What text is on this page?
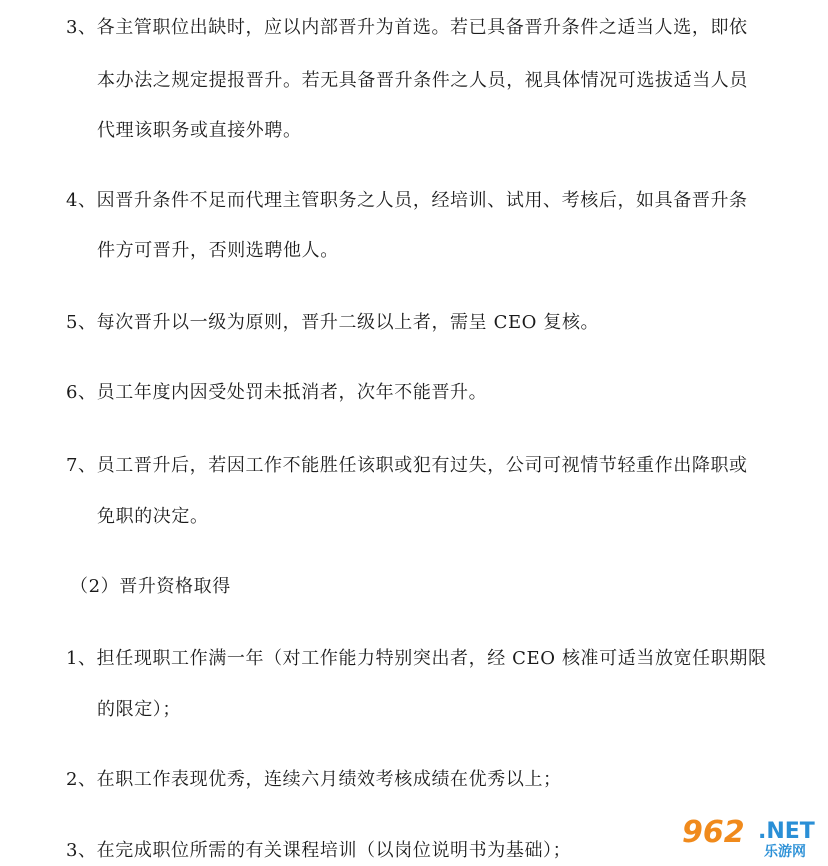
3、各主管职位出缺时，应以内部晋升为首选。若已具备晋升条件之适当人选，即依
本办法之规定提报晋升。若无具备晋升条件之人员，视具体情况可选拔适当人员
代理该职务或直接外聘。
4、因晋升条件不足而代理主管职务之人员，经培训、试用、考核后，如具备晋升条
件方可晋升，否则选聘他人。
5、每次晋升以一级为原则，晋升二级以上者，需呈 CEO 复核。
6、员工年度内因受处罚未抵消者，次年不能晋升。
7、员工晋升后，若因工作不能胜任该职或犯有过失，公司可视情节轻重作出降职或
免职的决定。
（2）晋升资格取得
1、担任现职工作满一年（对工作能力特别突出者，经 CEO 核准可适当放宽任职期限
的限定）；
2、在职工作表现优秀，连续六月绩效考核成绩在优秀以上；
3、在完成职位所需的有关课程培训（以岗位说明书为基础）；
962 .NET
乐游网
